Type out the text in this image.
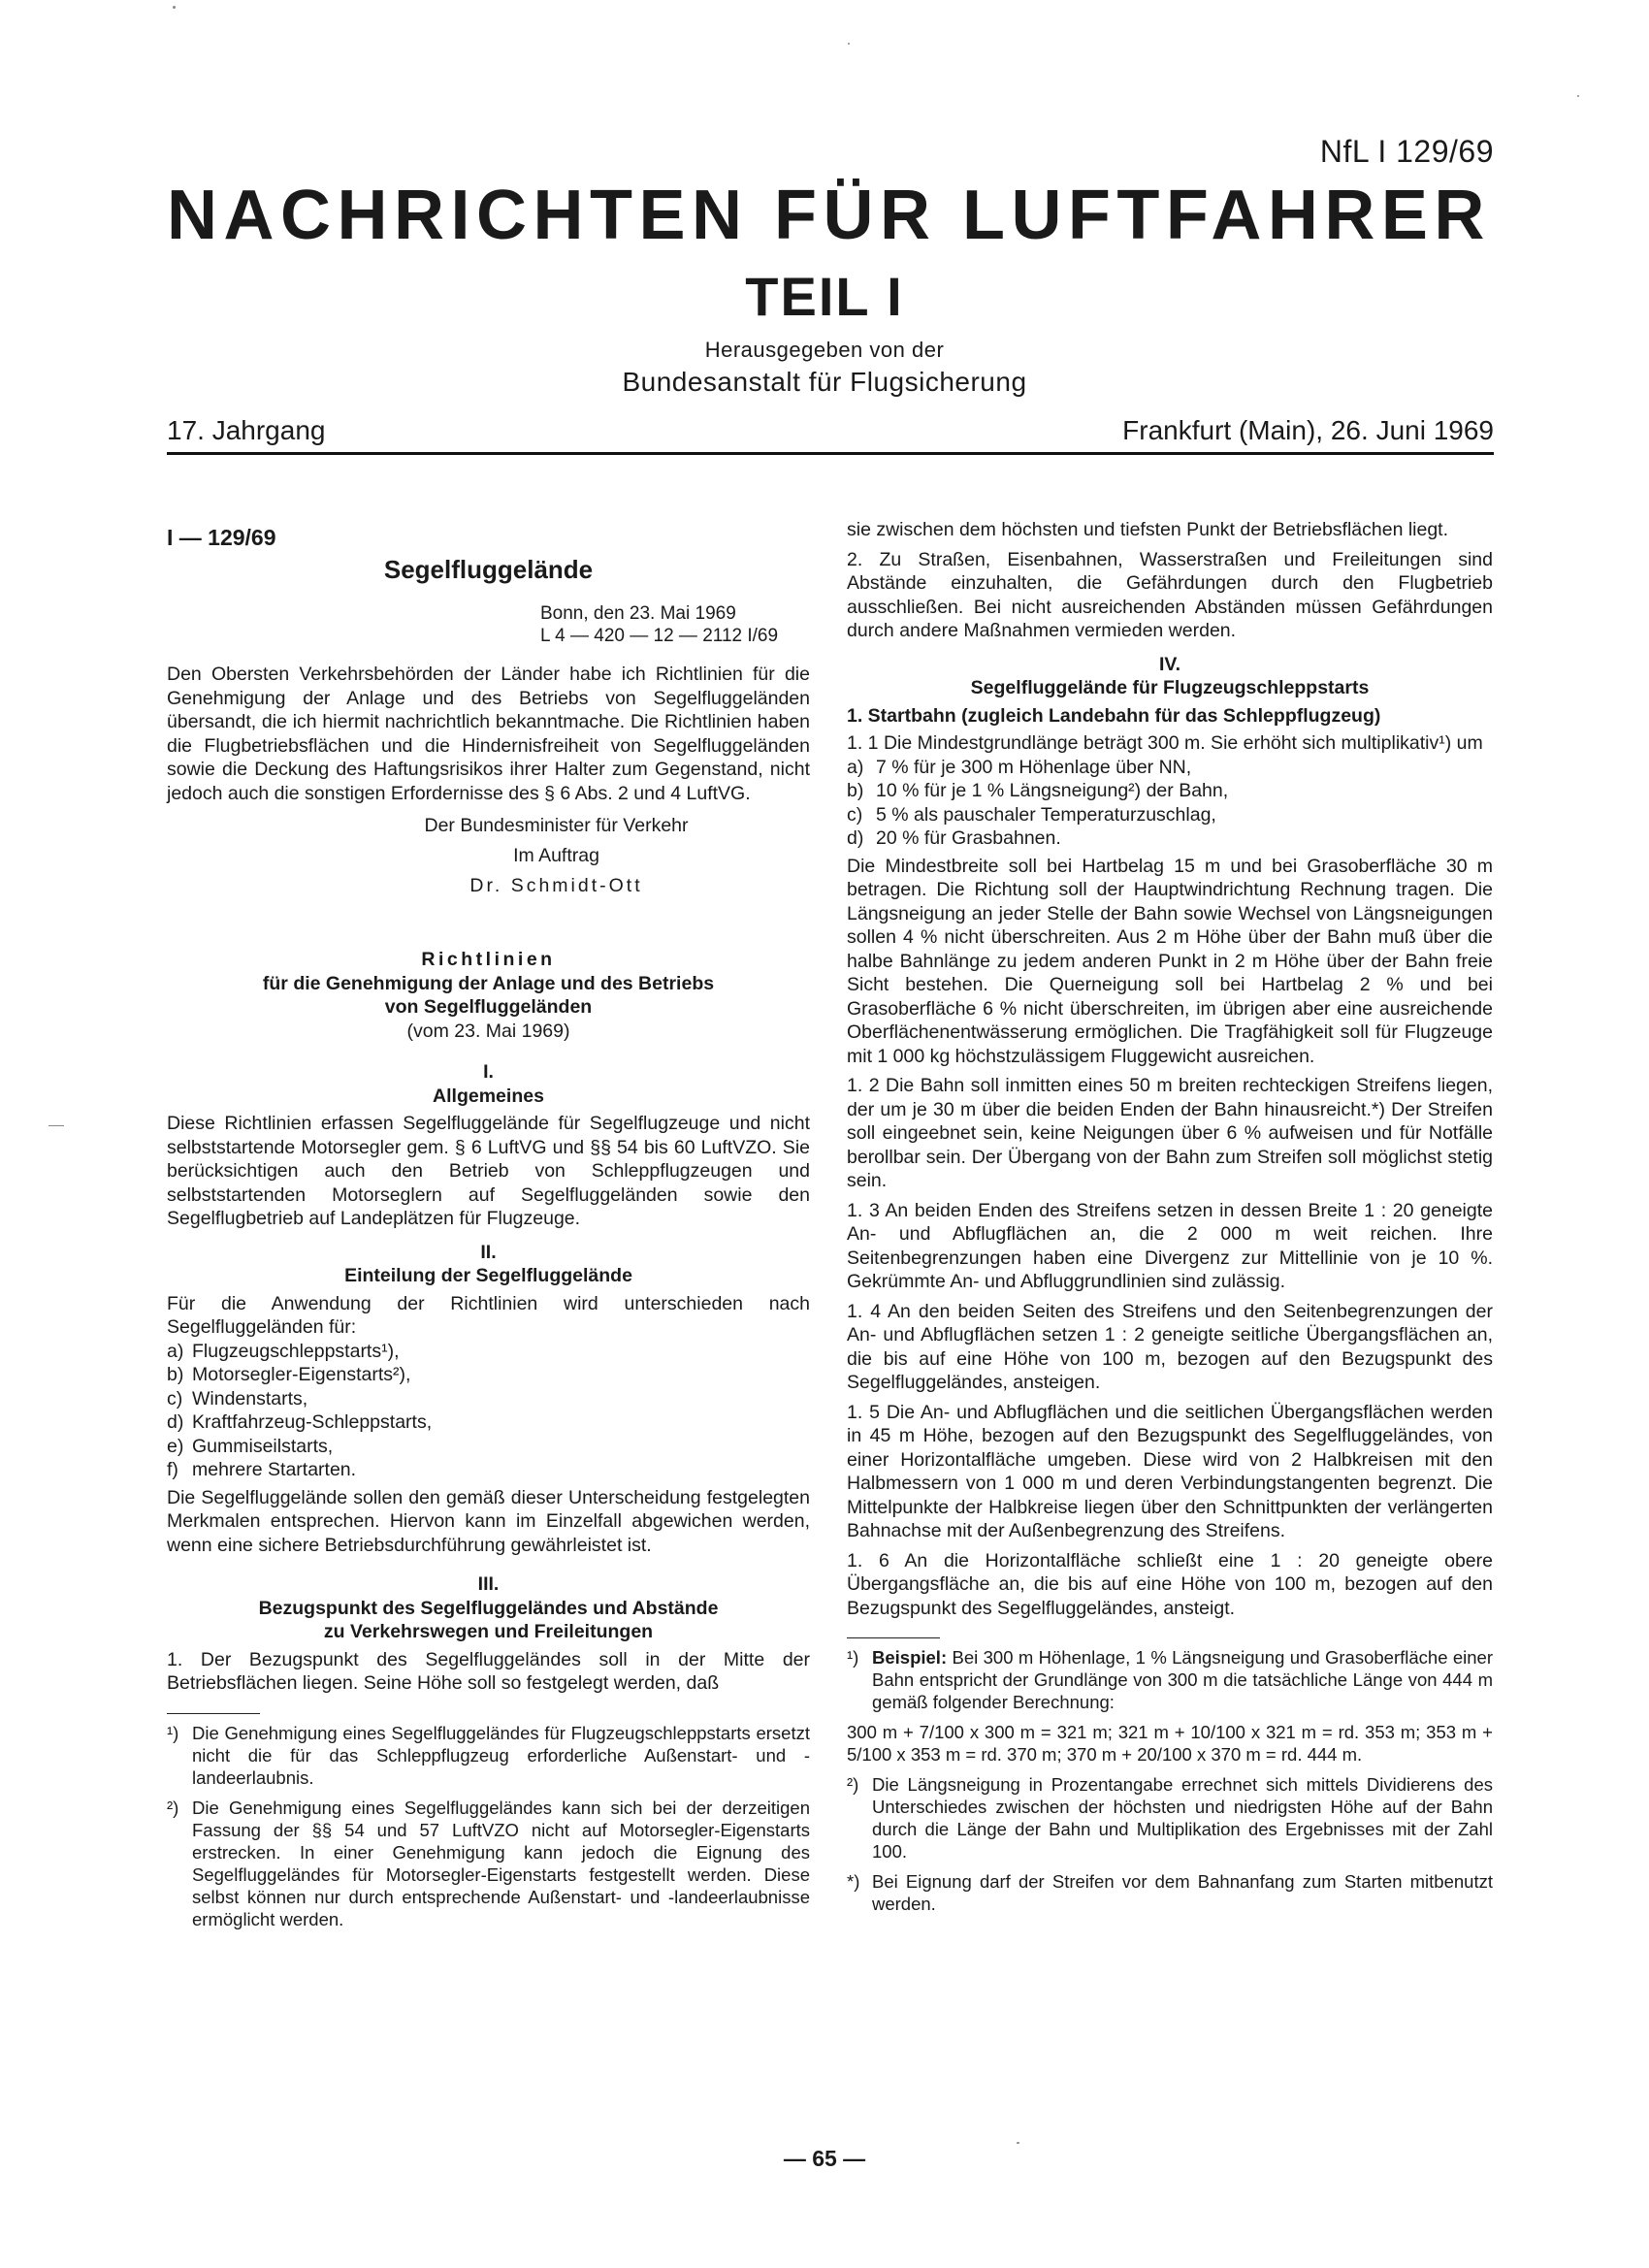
NfL I 129/69
NACHRICHTEN FÜR LUFTFAHRER
TEIL I
Herausgegeben von der
Bundesanstalt für Flugsicherung
17. Jahrgang	Frankfurt (Main), 26. Juni 1969
I — 129/69
Segelfluggelände
Bonn, den 23. Mai 1969
L 4 — 420 — 12 — 2112 I/69

Den Obersten Verkehrsbehörden der Länder habe ich Richtlinien für die Genehmigung der Anlage und des Betriebs von Segelfluggeländen übersandt, die ich hiermit nachrichtlich bekanntmache. Die Richtlinien haben die Flugbetriebsflächen und die Hindernisfreiheit von Segelfluggeländen sowie die Deckung des Haftungsrisikos ihrer Halter zum Gegenstand, nicht jedoch auch die sonstigen Erfordernisse des § 6 Abs. 2 und 4 LuftVG.

Der Bundesminister für Verkehr
Im Auftrag
Dr. Schmidt-Ott
Richtlinien
für die Genehmigung der Anlage und des Betriebs
von Segelfluggeländen
(vom 23. Mai 1969)
I.
Allgemeines

Diese Richtlinien erfassen Segelfluggelände für Segelflugzeuge und nicht selbststartende Motorsegler gem. § 6 LuftVG und §§ 54 bis 60 LuftVZO. Sie berücksichtigen auch den Betrieb von Schleppflugzeugen und selbststartenden Motorseglern auf Segelfluggeländen sowie den Segelflugbetrieb auf Landeplätzen für Flugzeuge.

II.
Einteilung der Segelfluggelände

Für die Anwendung der Richtlinien wird unterschieden nach Segelfluggeländen für:

a) Flugzeugschleppstarts¹),
b) Motorsegler-Eigenstarts²),
c) Windenstarts,
d) Kraftfahrzeug-Schleppstarts,
e) Gummiseilstarts,
f) mehrere Startarten.

Die Segelfluggelände sollen den gemäß dieser Unterscheidung festgelegten Merkmalen entsprechen. Hiervon kann im Einzelfall abgewichen werden, wenn eine sichere Betriebsdurchführung gewährleistet ist.

III.
Bezugspunkt des Segelfluggeländes und Abstände
zu Verkehrswegen und Freileitungen

1. Der Bezugspunkt des Segelfluggeländes soll in der Mitte der Betriebsflächen liegen. Seine Höhe soll so festgelegt werden, daß

¹) Die Genehmigung eines Segelfluggeländes für Flugzeugschleppstarts ersetzt nicht die für das Schleppflugzeug erforderliche Außenstart- und -landeerlaubnis.
²) Die Genehmigung eines Segelfluggeländes kann sich bei der derzeitigen Fassung der §§ 54 und 57 LuftVZO nicht auf Motorsegler-Eigenstarts erstrecken. In einer Genehmigung kann jedoch die Eignung des Segelfluggeländes für Motorsegler-Eigenstarts festgestellt werden. Diese selbst können nur durch entsprechende Außenstart- und -landeerlaubnisse ermöglicht werden.

sie zwischen dem höchsten und tiefsten Punkt der Betriebsflächen liegt.

2. Zu Straßen, Eisenbahnen, Wasserstraßen und Freileitungen sind Abstände einzuhalten, die Gefährdungen durch den Flugbetrieb ausschließen. Bei nicht ausreichenden Abständen müssen Gefährdungen durch andere Maßnahmen vermieden werden.

IV.
Segelfluggelände für Flugzeugschleppstarts
1. Startbahn (zugleich Landebahn für das Schleppflugzeug)

1. 1 Die Mindestgrundlänge beträgt 300 m. Sie erhöht sich multiplikativ¹) um

a) 7 % für je 300 m Höhenlage über NN,
b) 10 % für je 1 % Längsneigung²) der Bahn,
c) 5 % als pauschaler Temperaturzuschlag,
d) 20 % für Grasbahnen.

Die Mindestbreite soll bei Hartbelag 15 m und bei Grasoberfläche 30 m betragen. Die Richtung soll der Hauptwindrichtung Rechnung tragen. Die Längsneigung an jeder Stelle der Bahn sowie Wechsel von Längsneigungen sollen 4 % nicht überschreiten. Aus 2 m Höhe über der Bahn muß über die halbe Bahnlänge zu jedem anderen Punkt in 2 m Höhe über der Bahn freie Sicht bestehen. Die Querneigung soll bei Hartbelag 2 % und bei Grasoberfläche 6 % nicht überschreiten, im übrigen aber eine ausreichende Oberflächenentwässerung ermöglichen. Die Tragfähigkeit soll für Flugzeuge mit 1 000 kg höchstzulässigem Fluggewicht ausreichen.

1. 2 Die Bahn soll inmitten eines 50 m breiten rechteckigen Streifens liegen, der um je 30 m über die beiden Enden der Bahn hinausreicht.*) Der Streifen soll eingeebnet sein, keine Neigungen über 6 % aufweisen und für Notfälle berollbar sein. Der Übergang von der Bahn zum Streifen soll möglichst stetig sein.

1. 3 An beiden Enden des Streifens setzen in dessen Breite 1 : 20 geneigte An- und Abflugflächen an, die 2 000 m weit reichen. Ihre Seitenbegrenzungen haben eine Divergenz zur Mittellinie von je 10 %. Gekrümmte An- und Abfluggrundlinien sind zulässig.

1. 4 An den beiden Seiten des Streifens und den Seitenbegrenzungen der An- und Abflugflächen setzen 1 : 2 geneigte seitliche Übergangsflächen an, die bis auf eine Höhe von 100 m, bezogen auf den Bezugspunkt des Segelfluggeländes, ansteigen.

1. 5 Die An- und Abflugflächen und die seitlichen Übergangsflächen werden in 45 m Höhe, bezogen auf den Bezugspunkt des Segelfluggeländes, von einer Horizontalfläche umgeben. Diese wird von 2 Halbkreisen mit den Halbmessern von 1 000 m und deren Verbindungstangenten begrenzt. Die Mittelpunkte der Halbkreise liegen über den Schnittpunkten der verlängerten Bahnachse mit der Außenbegrenzung des Streifens.

1. 6 An die Horizontalfläche schließt eine 1 : 20 geneigte obere Übergangsfläche an, die bis auf eine Höhe von 100 m, bezogen auf den Bezugspunkt des Segelfluggeländes, ansteigt.

¹) Beispiel: Bei 300 m Höhenlage, 1 % Längsneigung und Grasoberfläche einer Bahn entspricht der Grundlänge von 300 m die tatsächliche Länge von 444 m gemäß folgender Berechnung:
300 m + 7/100 x 300 m = 321 m; 321 m + 10/100 x 321 m = rd. 353 m; 353 m + 5/100 x 353 m = rd. 370 m; 370 m + 20/100 x 370 m = rd. 444 m.
²) Die Längsneigung in Prozentangabe errechnet sich mittels Dividierens des Unterschiedes zwischen der höchsten und niedrigsten Höhe auf der Bahn durch die Länge der Bahn und Multiplikation des Ergebnisses mit der Zahl 100.
*) Bei Eignung darf der Streifen vor dem Bahnanfang zum Starten mitbenutzt werden.
— 65 —
